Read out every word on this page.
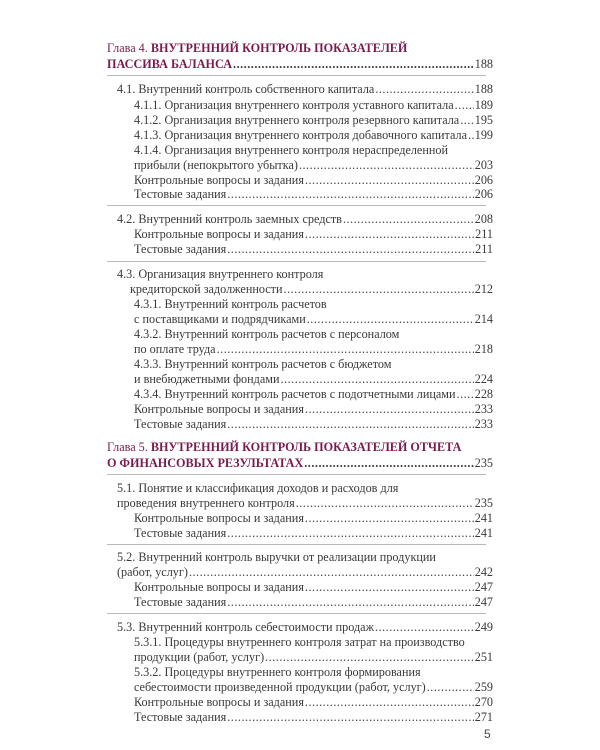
Глава 4. ВНУТРЕННИЙ КОНТРОЛЬ ПОКАЗАТЕЛЕЙ
ПАССИВА БАЛАНСА .....	188
4.1. Внутренний контроль собственного капитала .....	188
4.1.1. Организация внутреннего контроля уставного капитала ..... 189
4.1.2. Организация внутреннего контроля резервного капитала ..... 195
4.1.3. Организация внутреннего контроля добавочного капитала ..... 199
4.1.4. Организация внутреннего контроля нераспределенной
прибыли (непокрытого убытка) .....	203
Контрольные вопросы и задания .....	206
Тестовые задания .....	206
4.2. Внутренний контроль заемных средств .....	208
Контрольные вопросы и задания .....	211
Тестовые задания .....	211
4.3. Организация внутреннего контроля
кредиторской задолженности .....	212
4.3.1. Внутренний контроль расчетов
с поставщиками и подрядчиками .....	214
4.3.2. Внутренний контроль расчетов с персоналом
по оплате труда .....	218
4.3.3. Внутренний контроль расчетов с бюджетом
и внебюджетными фондами .....	224
4.3.4. Внутренний контроль расчетов с подотчетными лицами ..... 228
Контрольные вопросы и задания .....	233
Тестовые задания .....	233
Глава 5. ВНУТРЕННИЙ КОНТРОЛЬ ПОКАЗАТЕЛЕЙ ОТЧЕТА
О ФИНАНСОВЫХ РЕЗУЛЬТАТАХ .....	235
5.1. Понятие и классификация доходов и расходов для
проведения внутреннего контроля .....	235
Контрольные вопросы и задания .....	241
Тестовые задания .....	241
5.2. Внутренний контроль выручки от реализации продукции
(работ, услуг) .....	242
Контрольные вопросы и задания .....	247
Тестовые задания .....	247
5.3. Внутренний контроль себестоимости продаж .....	249
5.3.1. Процедуры внутреннего контроля затрат на производство
продукции (работ, услуг) .....	251
5.3.2. Процедуры внутреннего контроля формирования
себестоимости произведенной продукции (работ, услуг) .....	259
Контрольные вопросы и задания .....	270
Тестовые задания .....	271
5
